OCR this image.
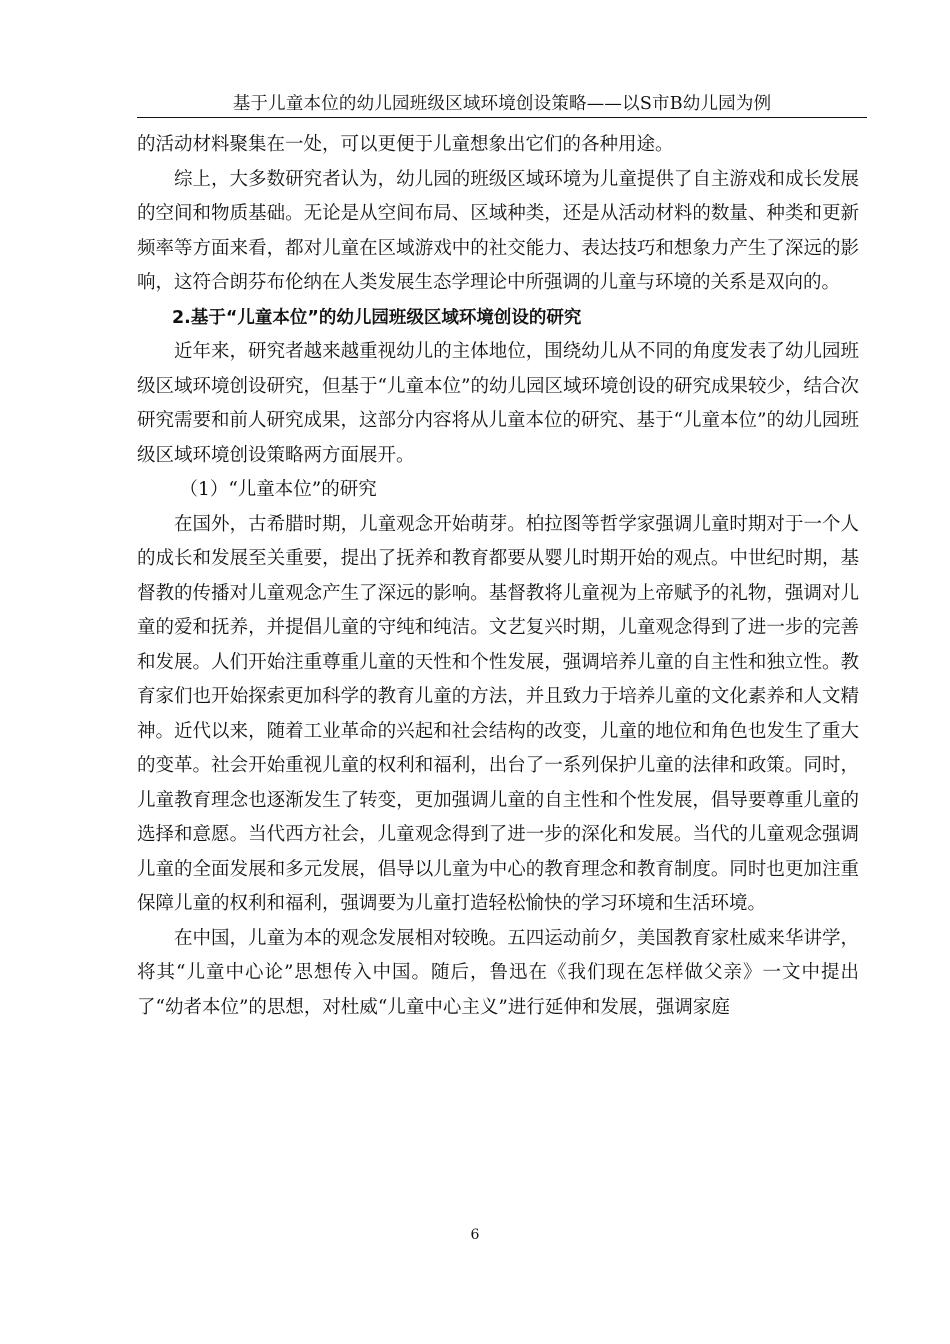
基于儿童本位的幼儿园班级区域环境创设策略——以S市B幼儿园为例

的活动材料聚集在一处，可以更便于儿童想象出它们的各种用途。

综上，大多数研究者认为，幼儿园的班级区域环境为儿童提供了自主游戏和成长发展的空间和物质基础。无论是从空间布局、区域种类，还是从活动材料的数量、种类和更新频率等方面来看，都对儿童在区域游戏中的社交能力、表达技巧和想象力产生了深远的影响，这符合朗芬布伦纳在人类发展生态学理论中所强调的儿童与环境的关系是双向的。

2.基于“儿童本位”的幼儿园班级区域环境创设的研究

近年来，研究者越来越重视幼儿的主体地位，围绕幼儿从不同的角度发表了幼儿园班级区域环境创设研究，但基于“儿童本位”的幼儿园区域环境创设的研究成果较少，结合次研究需要和前人研究成果，这部分内容将从儿童本位的研究、基于“儿童本位”的幼儿园班级区域环境创设策略两方面展开。

（1）“儿童本位”的研究

在国外，古希腊时期，儿童观念开始萌芽。柏拉图等哲学家强调儿童时期对于一个人的成长和发展至关重要，提出了抚养和教育都要从婴儿时期开始的观点。中世纪时期，基督教的传播对儿童观念产生了深远的影响。基督教将儿童视为上帝赋予的礼物，强调对儿童的爱和抚养，并提倡儿童的守纯和纯洁。文艺复兴时期，儿童观念得到了进一步的完善和发展。人们开始注重尊重儿童的天性和个性发展，强调培养儿童的自主性和独立性。教育家们也开始探索更加科学的教育儿童的方法，并且致力于培养儿童的文化素养和人文精神。近代以来，随着工业革命的兴起和社会结构的改变，儿童的地位和角色也发生了重大的变革。社会开始重视儿童的权利和福利，出台了一系列保护儿童的法律和政策。同时，儿童教育理念也逐渐发生了转变，更加强调儿童的自主性和个性发展，倡导要尊重儿童的选择和意愿。当代西方社会，儿童观念得到了进一步的深化和发展。当代的儿童观念强调儿童的全面发展和多元发展，倡导以儿童为中心的教育理念和教育制度。同时也更加注重保障儿童的权利和福利，强调要为儿童打造轻松愉快的学习环境和生活环境。

在中国，儿童为本的观念发展相对较晚。五四运动前夕，美国教育家杜威来华讲学，将其“儿童中心论”思想传入中国。随后，鲁迅在《我们现在怎样做父亲》一文中提出了“幼者本位”的思想，对杜威“儿童中心主义”进行延伸和发展，强调家庭

6
